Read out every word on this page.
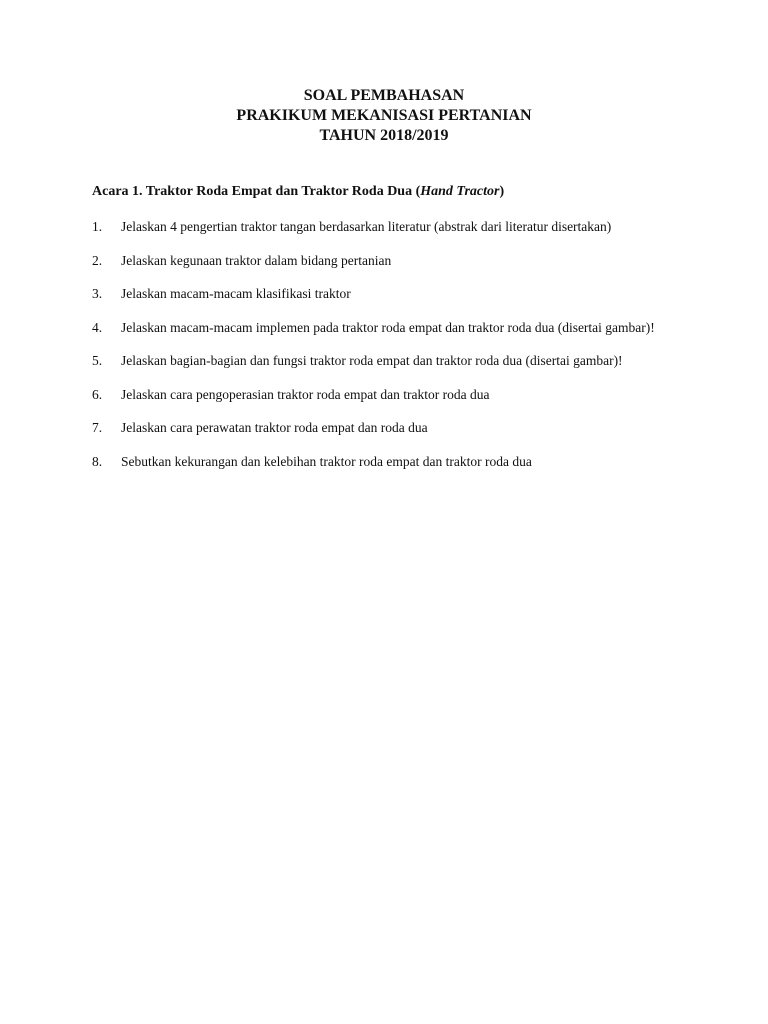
SOAL PEMBAHASAN
PRAKIKUM MEKANISASI PERTANIAN
TAHUN 2018/2019
Acara 1. Traktor Roda Empat dan Traktor Roda Dua (Hand Tractor)
1. Jelaskan 4 pengertian traktor tangan berdasarkan literatur (abstrak dari literatur disertakan)
2. Jelaskan kegunaan traktor dalam bidang pertanian
3. Jelaskan macam-macam klasifikasi traktor
4. Jelaskan macam-macam implemen pada traktor roda empat dan traktor roda dua (disertai gambar)!
5. Jelaskan bagian-bagian dan fungsi traktor roda empat dan traktor roda dua (disertai gambar)!
6. Jelaskan cara pengoperasian traktor roda empat dan traktor roda dua
7. Jelaskan cara perawatan traktor roda empat dan roda dua
8. Sebutkan kekurangan dan kelebihan traktor roda empat dan traktor roda dua
